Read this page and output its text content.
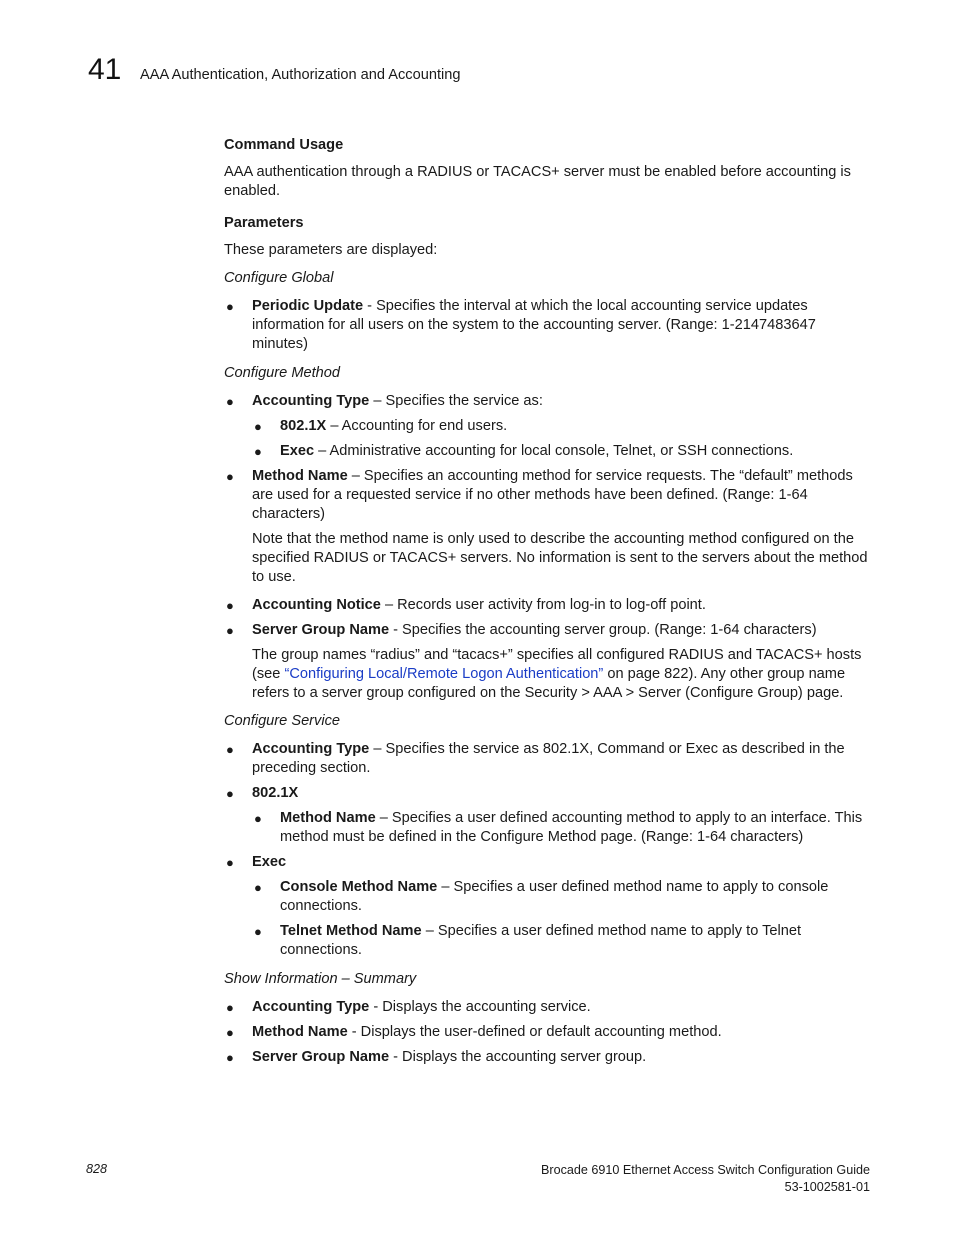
41 AAA Authentication, Authorization and Accounting
Command Usage

AAA authentication through a RADIUS or TACACS+ server must be enabled before accounting is enabled.

Parameters

These parameters are displayed:

Configure Global
● Periodic Update - Specifies the interval at which the local accounting service updates information for all users on the system to the accounting server. (Range: 1-2147483647 minutes)
Configure Method
● Accounting Type – Specifies the service as:
● 802.1X – Accounting for end users.
● Exec – Administrative accounting for local console, Telnet, or SSH connections.
● Method Name – Specifies an accounting method for service requests. The “default” methods are used for a requested service if no other methods have been defined. (Range: 1-64 characters)

Note that the method name is only used to describe the accounting method configured on the specified RADIUS or TACACS+ servers. No information is sent to the servers about the method to use.

● Accounting Notice – Records user activity from log-in to log-off point.
● Server Group Name - Specifies the accounting server group. (Range: 1-64 characters)

The group names “radius” and “tacacs+” specifies all configured RADIUS and TACACS+ hosts (see “Configuring Local/Remote Logon Authentication” on page 822). Any other group name refers to a server group configured on the Security > AAA > Server (Configure Group) page.

Configure Service
● Accounting Type – Specifies the service as 802.1X, Command or Exec as described in the preceding section.
● 802.1X
● Method Name – Specifies a user defined accounting method to apply to an interface. This method must be defined in the Configure Method page. (Range: 1-64 characters)
● Exec
● Console Method Name – Specifies a user defined method name to apply to console connections.
● Telnet Method Name – Specifies a user defined method name to apply to Telnet connections.
Show Information – Summary
● Accounting Type - Displays the accounting service.
● Method Name - Displays the user-defined or default accounting method.
● Server Group Name - Displays the accounting server group.
828	Brocade 6910 Ethernet Access Switch Configuration Guide
53-1002581-01
